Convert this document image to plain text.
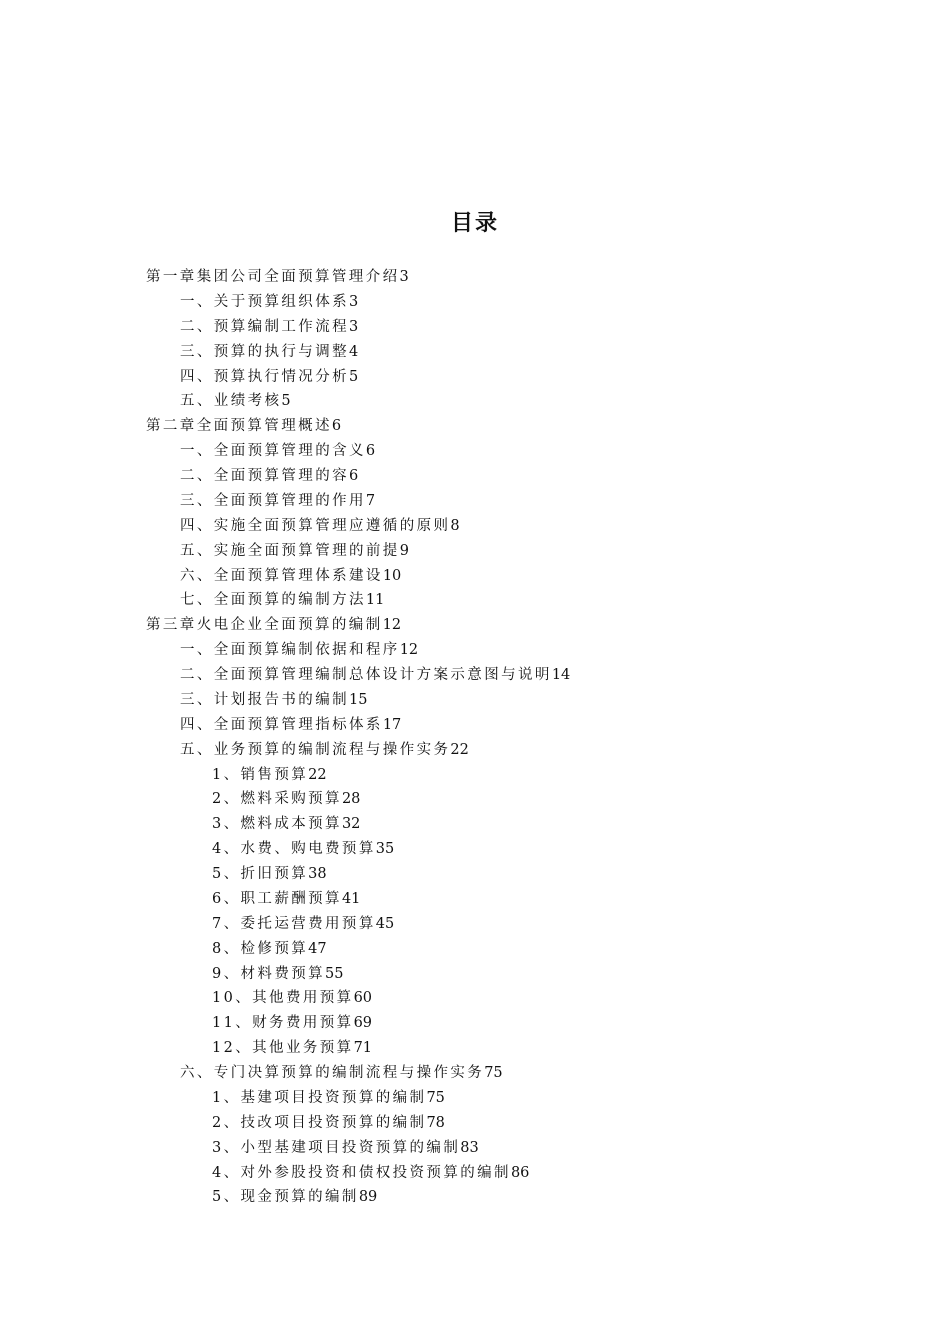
目录
第一章集团公司全面预算管理介绍3
一、关于预算组织体系3
二、预算编制工作流程3
三、预算的执行与调整4
四、预算执行情况分析5
五、业绩考核5
第二章全面预算管理概述6
一、全面预算管理的含义6
二、全面预算管理的容6
三、全面预算管理的作用7
四、实施全面预算管理应遵循的原则8
五、实施全面预算管理的前提9
六、全面预算管理体系建设10
七、全面预算的编制方法11
第三章火电企业全面预算的编制12
一、全面预算编制依据和程序12
二、全面预算管理编制总体设计方案示意图与说明14
三、计划报告书的编制15
四、全面预算管理指标体系17
五、业务预算的编制流程与操作实务22
1、销售预算22
2、燃料采购预算28
3、燃料成本预算32
4、水费、购电费预算35
5、折旧预算38
6、职工薪酬预算41
7、委托运营费用预算45
8、检修预算47
9、材料费预算55
10、其他费用预算60
11、财务费用预算69
12、其他业务预算71
六、专门决算预算的编制流程与操作实务75
1、基建项目投资预算的编制75
2、技改项目投资预算的编制78
3、小型基建项目投资预算的编制83
4、对外参股投资和债权投资预算的编制86
5、现金预算的编制89
